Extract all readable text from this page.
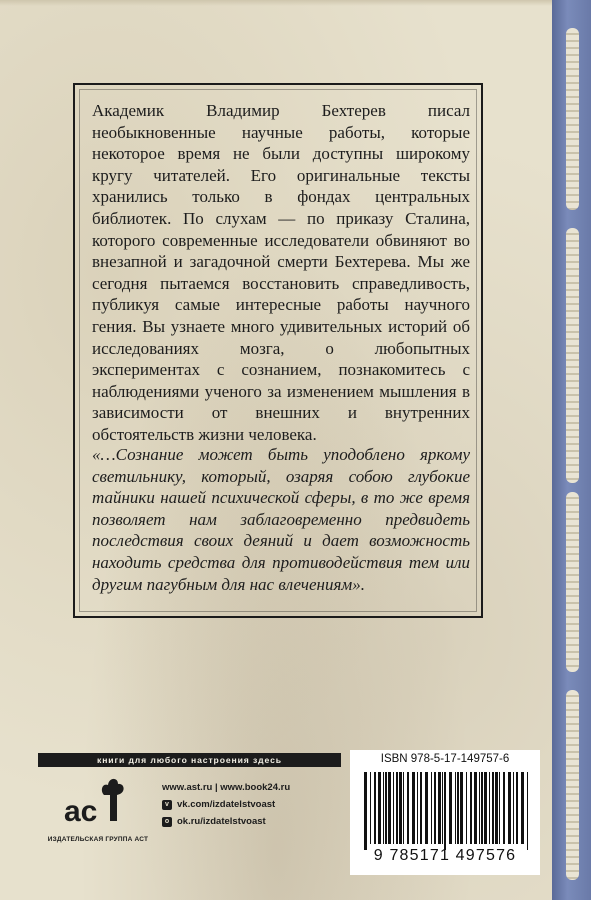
Академик Владимир Бехтерев писал необыкновенные научные работы, которые некоторое время не были доступны широкому кругу читателей. Его оригинальные тексты хранились только в фондах центральных библиотек. По слухам — по приказу Сталина, которого современные исследователи обвиняют во внезапной и загадочной смерти Бехтерева. Мы же сегодня пытаемся восстановить справедливость, публикуя самые интересные работы научного гения. Вы узнаете много удивительных историй об исследованиях мозга, о любопытных экспериментах с сознанием, познакомитесь с наблюдениями ученого за изменением мышления в зависимости от внешних и внутренних обстоятельств жизни человека.

«…Сознание может быть уподоблено яркому светильнику, который, озаряя собою глубокие тайники нашей психической сферы, в то же время позволяет нам заблаговременно предвидеть последствия своих деяний и дает возможность находить средства для противодействия тем или другим пагубным для нас влечениям».
книги для любого настроения здесь
ac
ИЗДАТЕЛЬСКАЯ ГРУППА АСТ
www.ast.ru | www.book24.ru
v vk.com/izdatelstvoast
o ok.ru/izdatelstvoast
ISBN 978-5-17-149757-6
9 785171 497576
